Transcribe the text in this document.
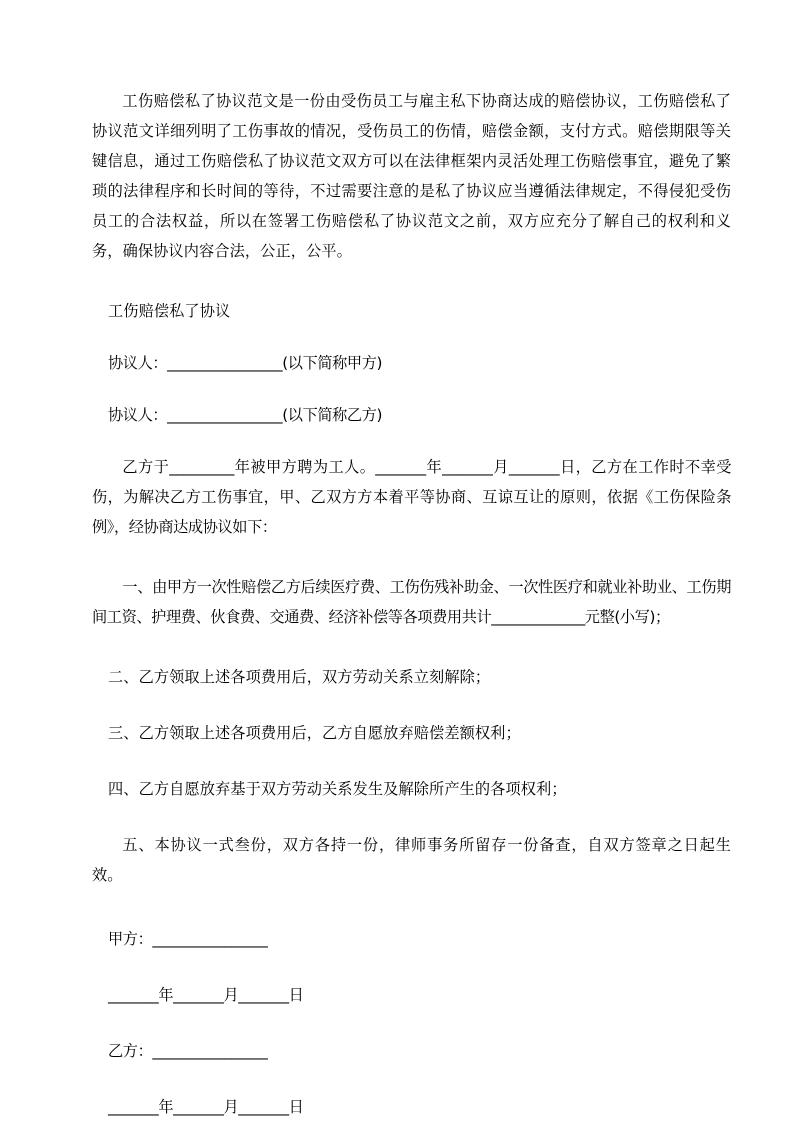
工伤赔偿私了协议范文是一份由受伤员工与雇主私下协商达成的赔偿协议，工伤赔偿私了协议范文详细列明了工伤事故的情况，受伤员工的伤情，赔偿金额，支付方式。赔偿期限等关键信息，通过工伤赔偿私了协议范文双方可以在法律框架内灵活处理工伤赔偿事宜，避免了繁琐的法律程序和长时间的等待，不过需要注意的是私了协议应当遵循法律规定，不得侵犯受伤员工的合法权益，所以在签署工伤赔偿私了协议范文之前，双方应充分了解自己的权利和义务，确保协议内容合法，公正，公平。

工伤赔偿私了协议

协议人：________________(以下简称甲方)

协议人：________________(以下简称乙方)

乙方于_________年被甲方聘为工人。_______年_______月_______日，乙方在工作时不幸受伤，为解决乙方工伤事宜，甲、乙双方方本着平等协商、互谅互让的原则，依据《工伤保险条例》，经协商达成协议如下：

一、由甲方一次性赔偿乙方后续医疗费、工伤伤残补助金、一次性医疗和就业补助业、工伤期间工资、护理费、伙食费、交通费、经济补偿等各项费用共计_____________元整(小写)；

二、乙方领取上述各项费用后，双方劳动关系立刻解除；

三、乙方领取上述各项费用后，乙方自愿放弃赔偿差额权利；

四、乙方自愿放弃基于双方劳动关系发生及解除所产生的各项权利；

五、本协议一式叁份，双方各持一份，律师事务所留存一份备查，自双方签章之日起生效。

甲方：________________

_______年_______月_______日

乙方：________________

_______年_______月_______日
